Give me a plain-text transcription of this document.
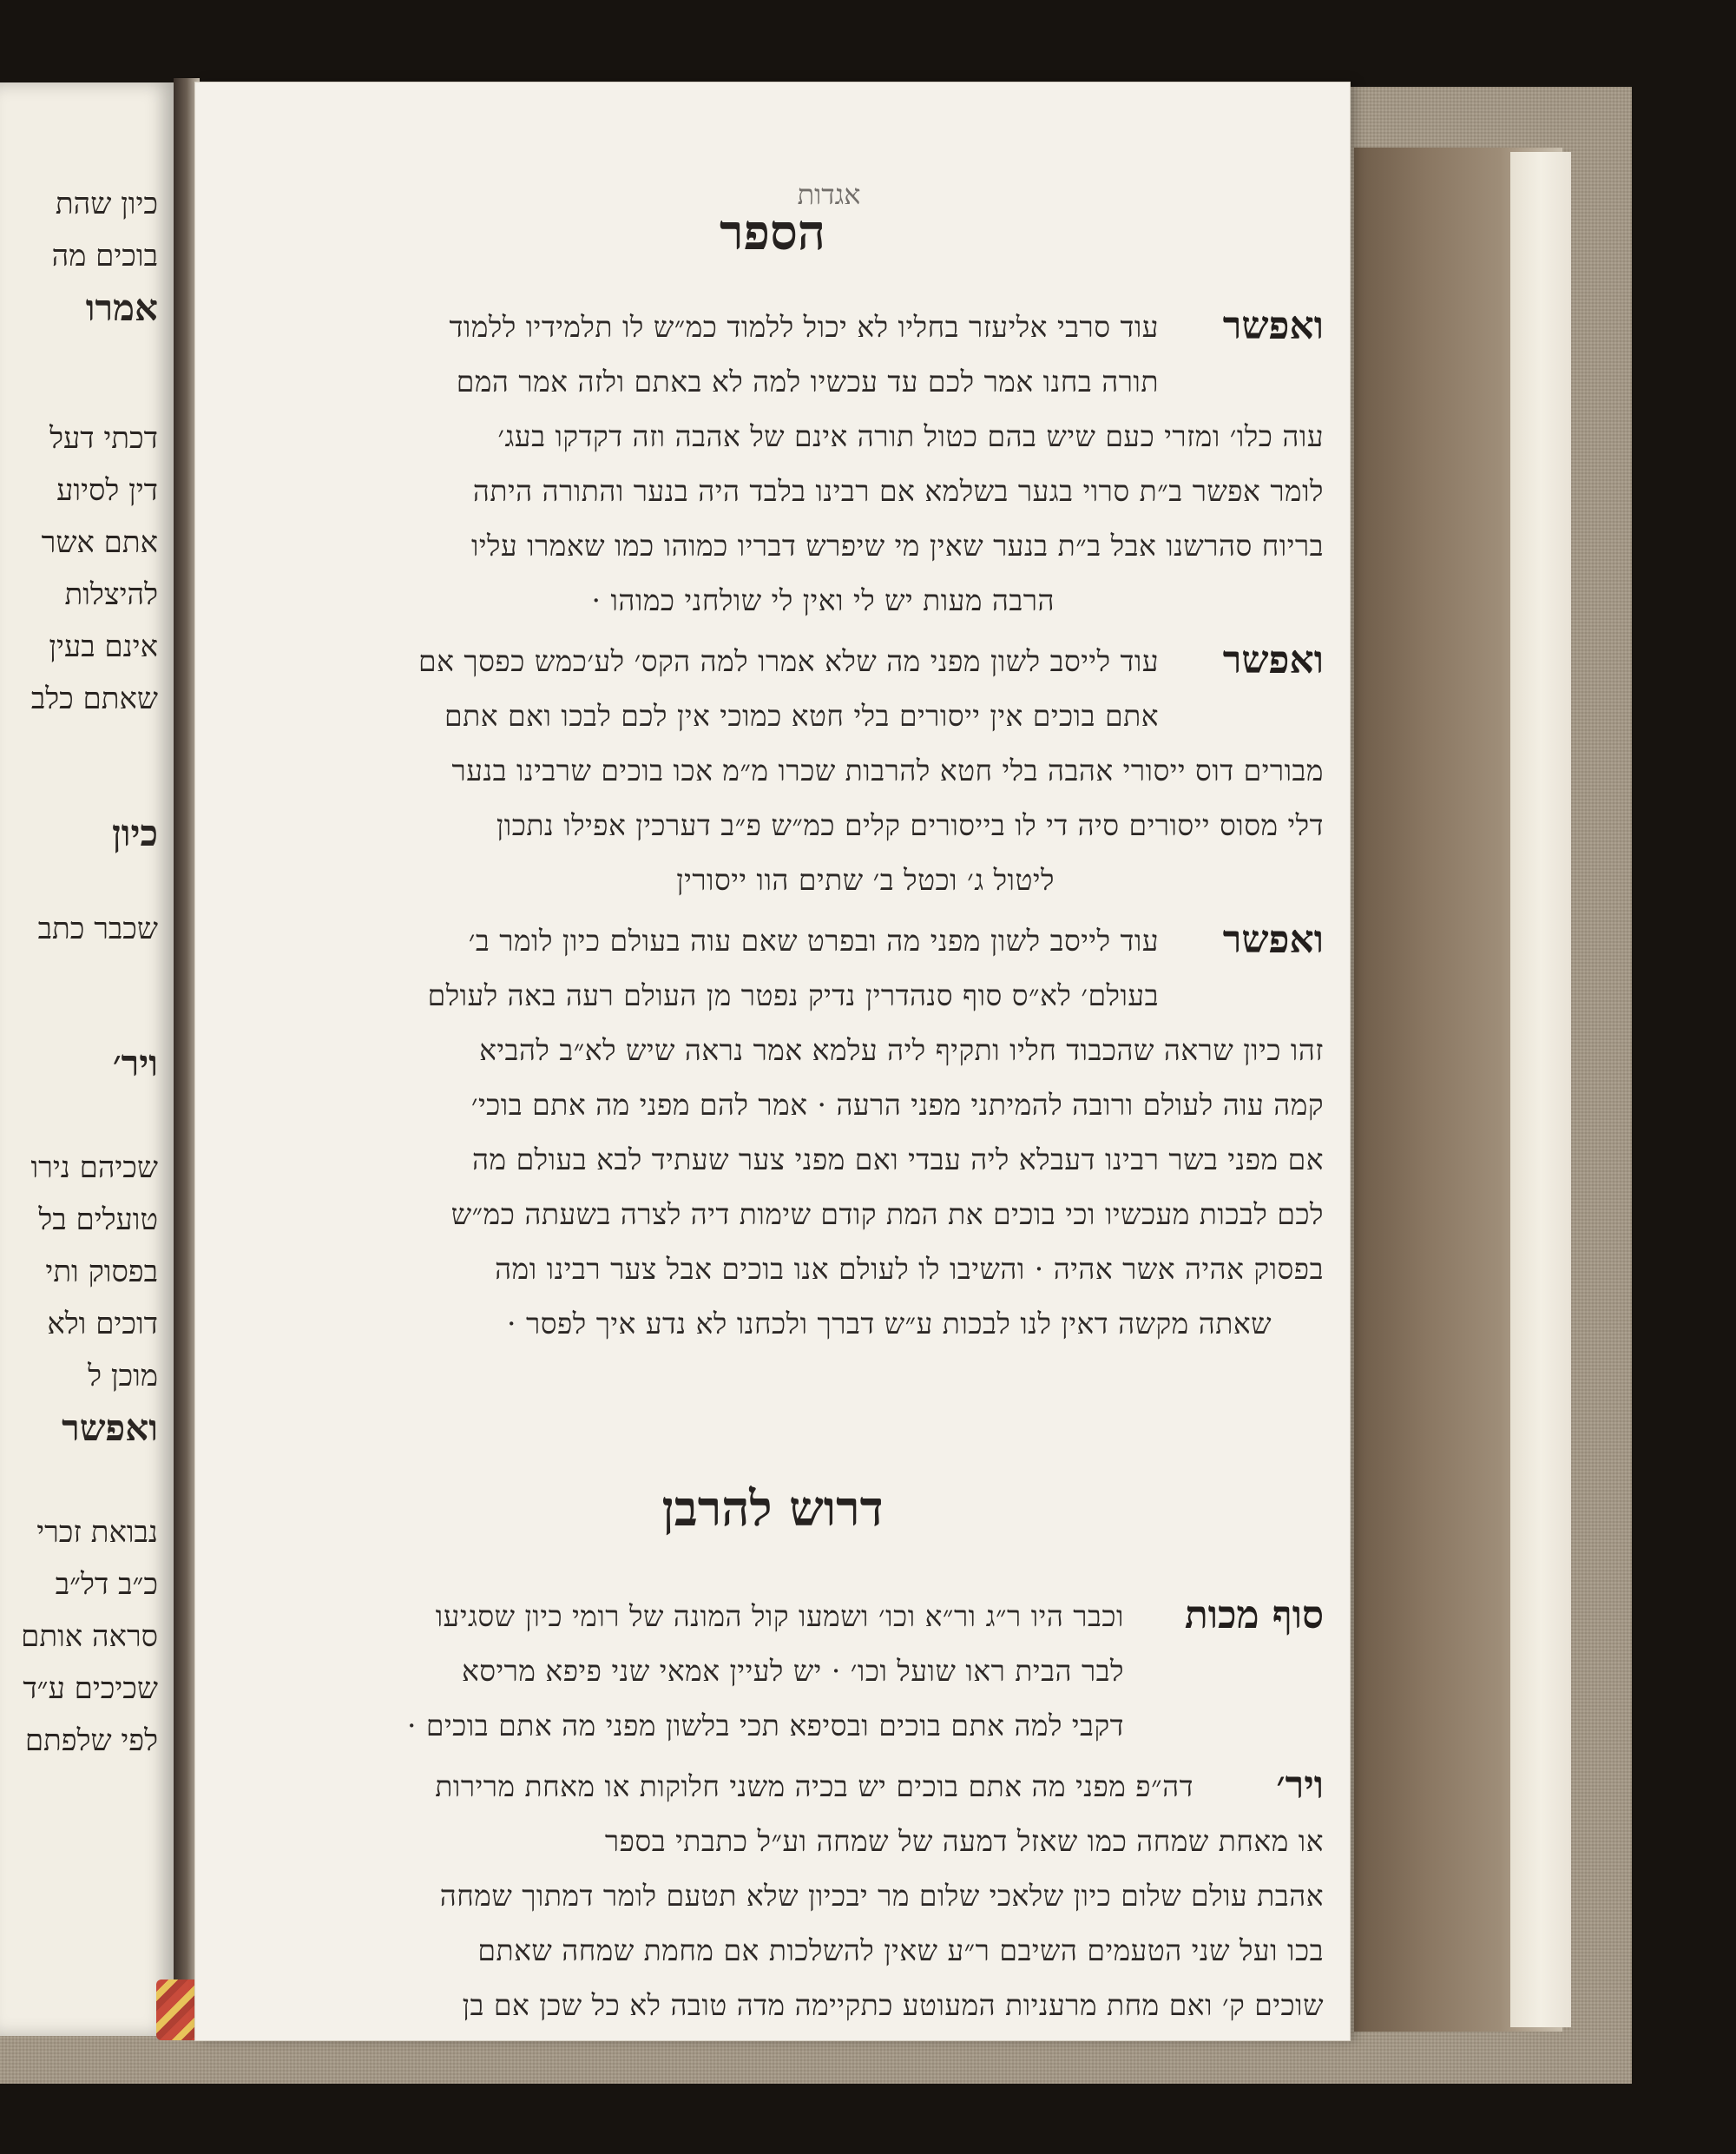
כיון שהת
בוכים מה
אמרו
דכתי דעל
דין לסיוע
אתם אשר
להיצלות
אינם בעין
שאתם כלב
כיון
שכבר כתב
ויר׳
שכיהם נירו
טועלים בל
בפסוק ותי
דוכים ולא
מוכן ל
ואפשר
נבואת זכרי
כ״ב דל״ב
סראה אותם
שכיכים ע״ד
לפי שלפתם
אגדות
הספר
ואפשר
עוד סרבי אליעזר בחליו לא יכול ללמוד כמ״ש לו תלמידיו ללמוד
תורה בחנו אמר לכם עד עכשיו למה לא באתם ולזה אמר המם
עוה כלו׳ ומזרי כעם שיש בהם כטול תורה אינם של אהבה וזה דקדקו בעג׳
לומר אפשר ב״ת סרוי בגער בשלמא אם רבינו בלבד היה בנער והתורה היתה
בריוח סהרשנו אבל ב״ת בנער שאין מי שיפרש דבריו כמוהו כמו שאמרו עליו
הרבה מעות יש לי ואין לי שולחני כמוהו ·
ואפשר
עוד לייסב לשון מפני מה שלא אמרו למה הקס׳ לע׳כמש כפסך אם
אתם בוכים אין ייסורים בלי חטא כמוכי אין לכם לבכו ואם אתם
מבורים דוס ייסורי אהבה בלי חטא להרבות שכרו מ״מ אכו בוכים שרבינו בנער
דלי מסוס ייסורים סיה די לו בייסורים קלים כמ״ש פ״ב דערכין אפילו נתכון
ליטול ג׳ וכטל ב׳ שתים הוו ייסורין
ואפשר
עוד לייסב לשון מפני מה ובפרט שאם עוה בעולם כיון לומר ב׳
בעולם׳ לא״ס סוף סנהדרין נדיק נפטר מן העולם רעה באה לעולם
זהו כיון שראה שהכבוד חליו ותקיף ליה עלמא אמר נראה שיש לא״ב להביא
קמה עוה לעולם ורובה להמיתני מפני הרעה · אמר להם מפני מה אתם בוכי׳
אם מפני בשר רבינו דעבלא ליה עבדי ואם מפני צער שעתיד לבא בעולם מה
לכם לבכות מעכשיו וכי בוכים את המת קודם שימות דיה לצרה בשעתה כמ״ש
בפסוק אהיה אשר אהיה · והשיבו לו לעולם אנו בוכים אבל צער רבינו ומה
שאתה מקשה דאין לנו לבכות ע״ש דברך ולכחנו לא נדע איך לפסר ·
דרוש להרבן
סוף מכות
וכבר היו ר״ג ור״א וכו׳ ושמעו קול המונה של רומי כיון שסגיעו
לבר הבית ראו שועל וכו׳ · יש לעיין אמאי שני פיפא מריסא
דקבי למה אתם בוכים ובסיפא תכי בלשון מפני מה אתם בוכים ·
ויר׳
דה״פ מפני מה אתם בוכים יש בכיה משני חלוקות או מאחת מרירות
או מאחת שמחה כמו שאזל דמעה של שמחה וע״ל כתבתי בספר
אהבת עולם שלום כיון שלאכי שלום מר יבכיון שלא תטעם לומר דמתוך שמחה
בכו ועל שני הטעמים השיבם ר״ע שאין להשלכות אם מחמת שמחה שאתם
שוכים ק׳ ואם מחת מרעניות המעוטע כתקיימה מדה טובה לא כל שכן אם בן
